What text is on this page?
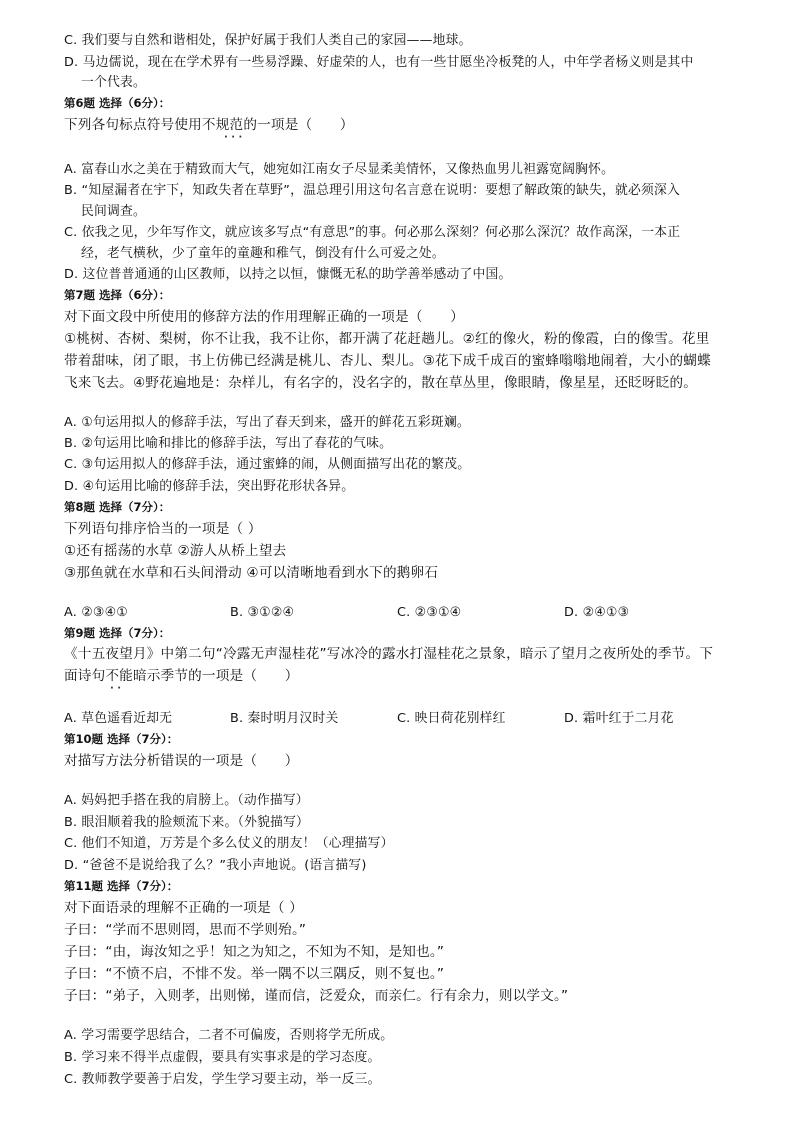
C. 我们要与自然和谐相处，保护好属于我们人类自己的家园——地球。
D. 马边儒说，现在在学术界有一些易浮躁、好虚荣的人，也有一些甘愿坐冷板凳的人，中年学者杨义则是其中
一个代表。
第6题 选择（6分）：
下列各句标点符号使用不规范的一项是（　　）
· · ·
A. 富春山水之美在于精致而大气，她宛如江南女子尽显柔美情怀，又像热血男儿袒露宽阔胸怀。
B. “知屋漏者在宇下，知政失者在草野”，温总理引用这句名言意在说明：要想了解政策的缺失，就必须深入
民间调查。
C. 依我之见，少年写作文，就应该多写点“有意思”的事。何必那么深刻？何必那么深沉？故作高深，一本正
经，老气横秋，少了童年的童趣和稚气，倒没有什么可爱之处。
D. 这位普普通通的山区教师，以持之以恒，慷慨无私的助学善举感动了中国。
第7题 选择（6分）：
对下面文段中所使用的修辞方法的作用理解正确的一项是（　　）
①桃树、杏树、梨树，你不让我，我不让你，都开满了花赶趟儿。②红的像火，粉的像霞，白的像雪。花里
带着甜味，闭了眼，书上仿佛已经满是桃儿、杏儿、梨儿。③花下成千成百的蜜蜂嗡嗡地闹着，大小的蝴蝶
飞来飞去。④野花遍地是：杂样儿，有名字的，没名字的，散在草丛里，像眼睛，像星星，还眨呀眨的。
A. ①句运用拟人的修辞手法，写出了春天到来，盛开的鲜花五彩斑斓。
B. ②句运用比喻和排比的修辞手法，写出了春花的气味。
C. ③句运用拟人的修辞手法，通过蜜蜂的闹，从侧面描写出花的繁茂。
D. ④句运用比喻的修辞手法，突出野花形状各异。
第8题 选择（7分）：
下列语句排序恰当的一项是（ ）
①还有摇荡的水草 ②游人从桥上望去
③那鱼就在水草和石头间滑动 ④可以清晰地看到水下的鹅卵石
A. ②③④①	B. ③①②④	C. ②③①④	D. ②④①③
第9题 选择（7分）：
《十五夜望月》中第二句“冷露无声湿桂花”写冰冷的露水打湿桂花之景象，暗示了望月之夜所处的季节。下
面诗句不能暗示季节的一项是（　　）
· ·
A. 草色遥看近却无	B. 秦时明月汉时关	C. 映日荷花别样红	D. 霜叶红于二月花
第10题 选择（7分）：
对描写方法分析错误的一项是（　　）
A. 妈妈把手搭在我的肩膀上。（动作描写）
B. 眼泪顺着我的脸颊流下来。（外貌描写）
C. 他们不知道，万芳是个多么仗义的朋友！（心理描写）
D. “爸爸不是说给我了么？”我小声地说。(语言描写)
第11题 选择（7分）：
对下面语录的理解不正确的一项是（ ）
子曰：“学而不思则罔，思而不学则殆。”
子曰：“由，诲汝知之乎！知之为知之，不知为不知，是知也。”
子曰：“不愤不启，不悱不发。举一隅不以三隅反，则不复也。”
子曰：“弟子，入则孝，出则悌，谨而信，泛爱众，而亲仁。行有余力，则以学文。”
A. 学习需要学思结合，二者不可偏废，否则将学无所成。
B. 学习来不得半点虚假，要具有实事求是的学习态度。
C. 教师教学要善于启发，学生学习要主动，举一反三。
